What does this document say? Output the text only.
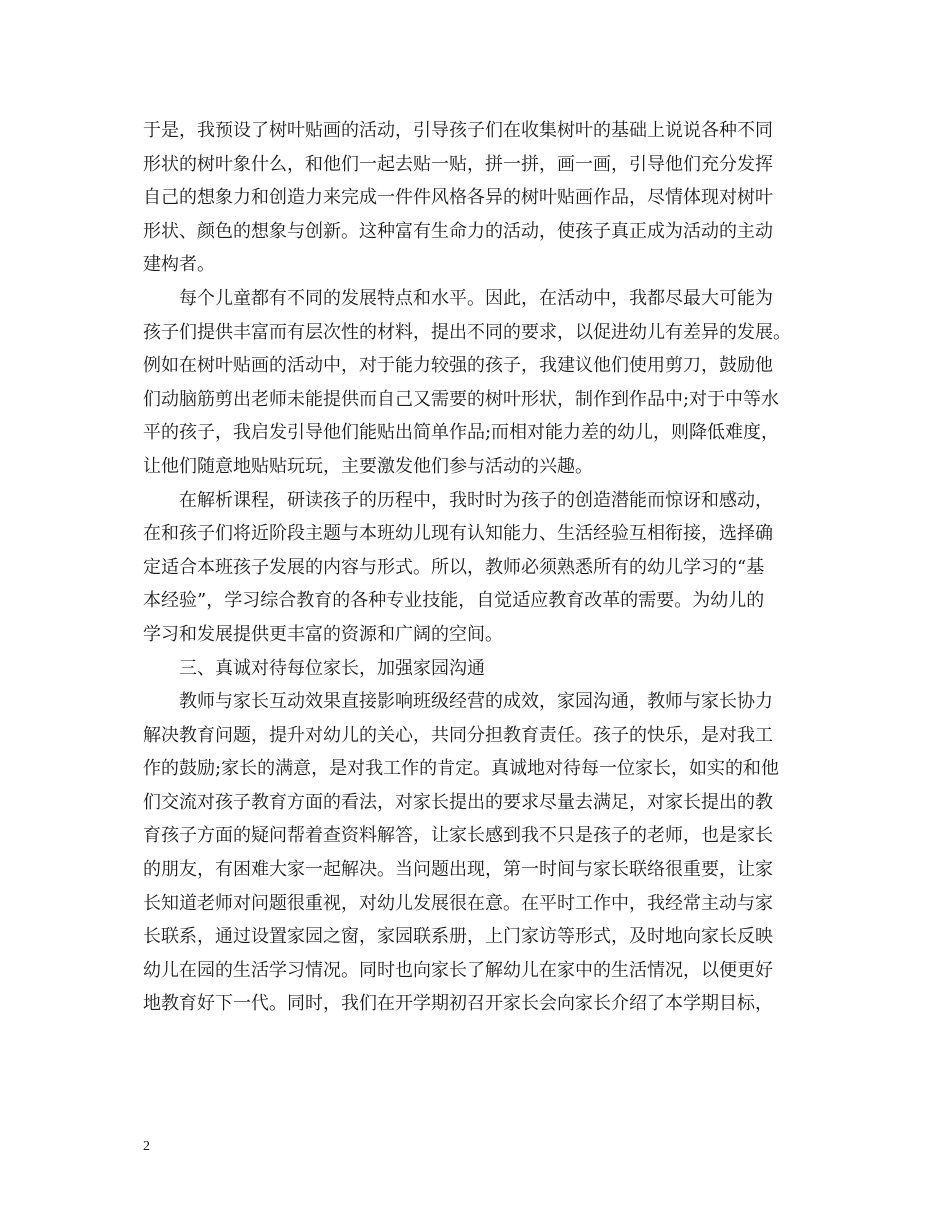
于是，我预设了树叶贴画的活动，引导孩子们在收集树叶的基础上说说各种不同
形状的树叶象什么，和他们一起去贴一贴，拼一拼，画一画，引导他们充分发挥
自己的想象力和创造力来完成一件件风格各异的树叶贴画作品，尽情体现对树叶
形状、颜色的想象与创新。这种富有生命力的活动，使孩子真正成为活动的主动
建构者。
每个儿童都有不同的发展特点和水平。因此，在活动中，我都尽最大可能为
孩子们提供丰富而有层次性的材料，提出不同的要求，以促进幼儿有差异的发展。
例如在树叶贴画的活动中，对于能力较强的孩子，我建议他们使用剪刀，鼓励他
们动脑筋剪出老师未能提供而自己又需要的树叶形状，制作到作品中;对于中等水
平的孩子，我启发引导他们能贴出简单作品;而相对能力差的幼儿，则降低难度，
让他们随意地贴贴玩玩，主要激发他们参与活动的兴趣。
在解析课程，研读孩子的历程中，我时时为孩子的创造潜能而惊讶和感动，
在和孩子们将近阶段主题与本班幼儿现有认知能力、生活经验互相衔接，选择确
定适合本班孩子发展的内容与形式。所以，教师必须熟悉所有的幼儿学习的“基
本经验”，学习综合教育的各种专业技能，自觉适应教育改革的需要。为幼儿的
学习和发展提供更丰富的资源和广阔的空间。
三、真诚对待每位家长，加强家园沟通
教师与家长互动效果直接影响班级经营的成效，家园沟通，教师与家长协力
解决教育问题，提升对幼儿的关心，共同分担教育责任。孩子的快乐，是对我工
作的鼓励;家长的满意，是对我工作的肯定。真诚地对待每一位家长，如实的和他
们交流对孩子教育方面的看法，对家长提出的要求尽量去满足，对家长提出的教
育孩子方面的疑问帮着查资料解答，让家长感到我不只是孩子的老师，也是家长
的朋友，有困难大家一起解决。当问题出现，第一时间与家长联络很重要，让家
长知道老师对问题很重视，对幼儿发展很在意。在平时工作中，我经常主动与家
长联系，通过设置家园之窗，家园联系册，上门家访等形式，及时地向家长反映
幼儿在园的生活学习情况。同时也向家长了解幼儿在家中的生活情况，以便更好
地教育好下一代。同时，我们在开学期初召开家长会向家长介绍了本学期目标，
2
